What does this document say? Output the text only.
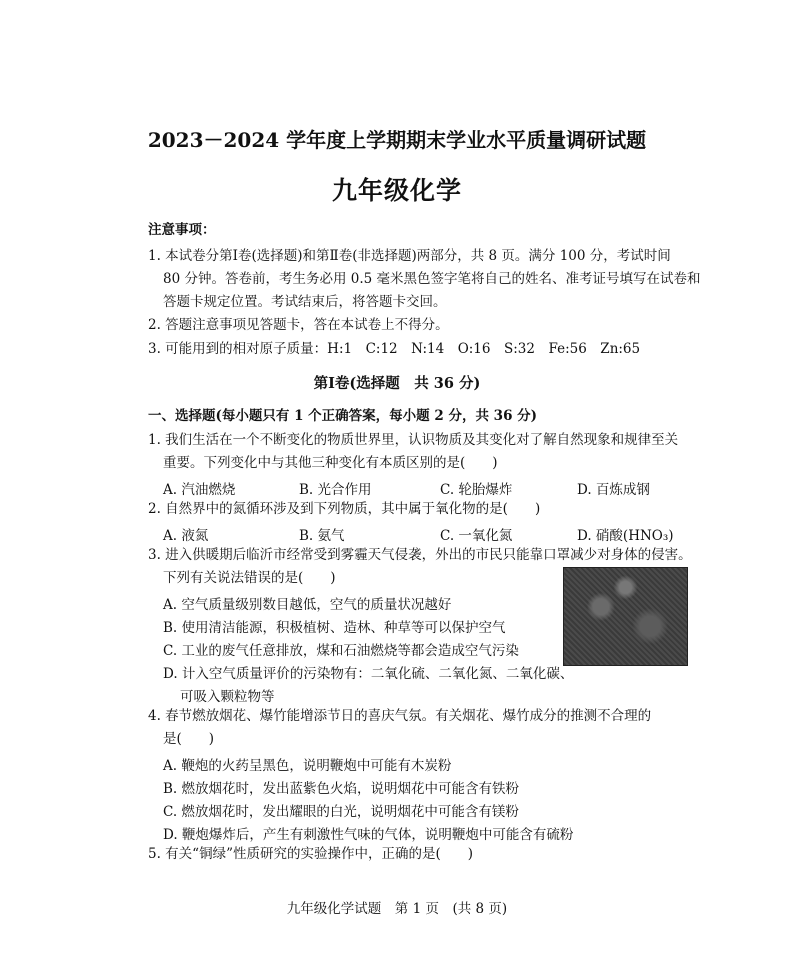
2023－2024 学年度上学期期末学业水平质量调研试题
九年级化学
注意事项：
1. 本试卷分第Ⅰ卷(选择题)和第Ⅱ卷(非选择题)两部分，共 8 页。满分 100 分，考试时间
80 分钟。答卷前，考生务必用 0.5 毫米黑色签字笔将自己的姓名、准考证号填写在试卷和
答题卡规定位置。考试结束后，将答题卡交回。
2. 答题注意事项见答题卡，答在本试卷上不得分。
3. 可能用到的相对原子质量：H:1　C:12　N:14　O:16　S:32　Fe:56　Zn:65
第Ⅰ卷(选择题　共 36 分)
一、选择题(每小题只有 1 个正确答案，每小题 2 分，共 36 分)
1. 我们生活在一个不断变化的物质世界里，认识物质及其变化对了解自然现象和规律至关
重要。下列变化中与其他三种变化有本质区别的是(　　)
A. 汽油燃烧	B. 光合作用	C. 轮胎爆炸	D. 百炼成钢
2. 自然界中的氮循环涉及到下列物质，其中属于氧化物的是(　　)
A. 液氮	B. 氨气	C. 一氧化氮	D. 硝酸(HNO₃)
3. 进入供暖期后临沂市经常受到雾霾天气侵袭，外出的市民只能靠口罩减少对身体的侵害。
下列有关说法错误的是(　　)
A. 空气质量级别数目越低，空气的质量状况越好
B. 使用清洁能源，积极植树、造林、种草等可以保护空气
C. 工业的废气任意排放，煤和石油燃烧等都会造成空气污染
D. 计入空气质量评价的污染物有：二氧化硫、二氧化氮、二氧化碳、
可吸入颗粒物等
4. 春节燃放烟花、爆竹能增添节日的喜庆气氛。有关烟花、爆竹成分的推测不合理的
是(　　)
A. 鞭炮的火药呈黑色，说明鞭炮中可能有木炭粉
B. 燃放烟花时，发出蓝紫色火焰，说明烟花中可能含有铁粉
C. 燃放烟花时，发出耀眼的白光，说明烟花中可能含有镁粉
D. 鞭炮爆炸后，产生有刺激性气味的气体，说明鞭炮中可能含有硫粉
5. 有关“铜绿”性质研究的实验操作中，正确的是(　　)
九年级化学试题　第 1 页　(共 8 页)
